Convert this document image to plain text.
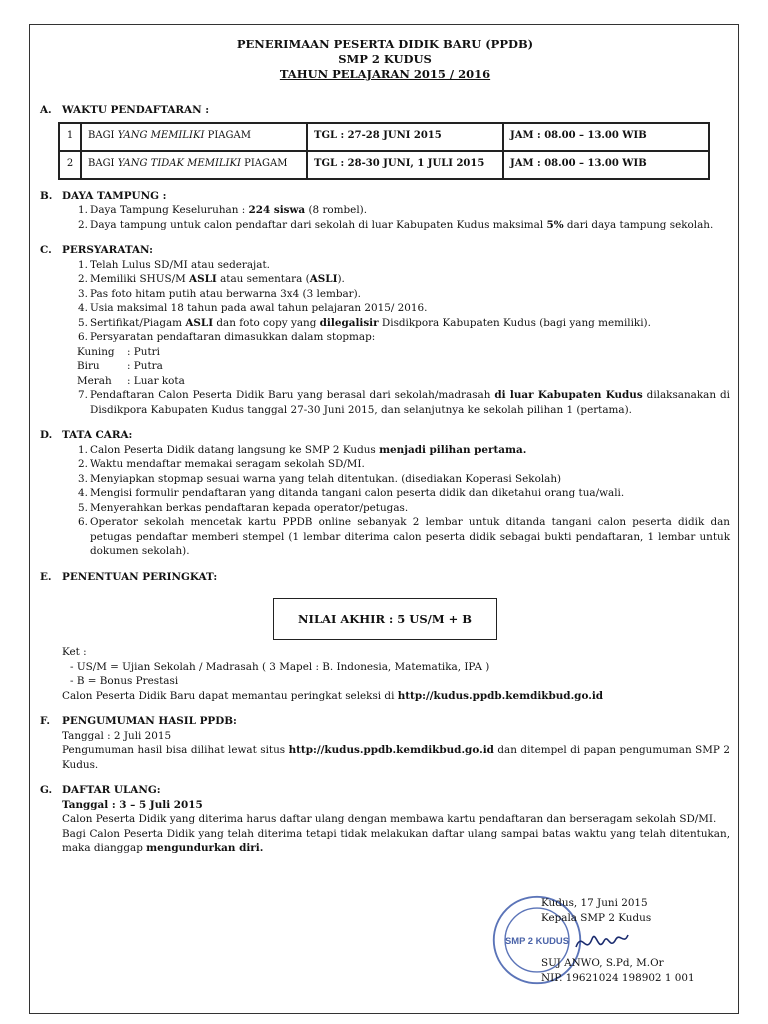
PENERIMAAN PESERTA DIDIK BARU (PPDB)
SMP 2 KUDUS
TAHUN PELAJARAN 2015 / 2016
A. WAKTU PENDAFTARAN :
1	BAGI YANG MEMILIKI PIAGAM	TGL : 27-28 JUNI 2015	JAM : 08.00 – 13.00 WIB
2	BAGI YANG TIDAK MEMILIKI PIAGAM	TGL : 28-30 JUNI, 1 JULI 2015	JAM : 08.00 – 13.00 WIB
B. DAYA TAMPUNG :
1. Daya Tampung Keseluruhan : 224 siswa (8 rombel).
2. Daya tampung untuk calon pendaftar dari sekolah di luar Kabupaten Kudus maksimal 5% dari daya tampung sekolah.
C. PERSYARATAN:
1. Telah Lulus SD/MI atau sederajat.
2. Memiliki SHUS/M ASLI atau sementara (ASLI).
3. Pas foto hitam putih atau berwarna 3x4 (3 lembar).
4. Usia maksimal 18 tahun pada awal tahun pelajaran 2015/ 2016.
5. Sertifikat/Piagam ASLI dan foto copy yang dilegalisir Disdikpora Kabupaten Kudus (bagi yang memiliki).
6. Persyaratan pendaftaran dimasukkan dalam stopmap:
Kuning	: Putri
Biru	: Putra
Merah	: Luar kota
7. Pendaftaran Calon Peserta Didik Baru yang berasal dari sekolah/madrasah di luar Kabupaten Kudus dilaksanakan di Disdikpora Kabupaten Kudus tanggal 27-30 Juni 2015, dan selanjutnya ke sekolah pilihan 1 (pertama).
D. TATA CARA:
1. Calon Peserta Didik datang langsung ke SMP 2 Kudus menjadi pilihan pertama.
2. Waktu mendaftar memakai seragam sekolah SD/MI.
3. Menyiapkan stopmap sesuai warna yang telah ditentukan. (disediakan Koperasi Sekolah)
4. Mengisi formulir pendaftaran yang ditanda tangani calon peserta didik dan diketahui orang tua/wali.
5. Menyerahkan berkas pendaftaran kepada operator/petugas.
6. Operator sekolah mencetak kartu PPDB online sebanyak 2 lembar untuk ditanda tangani calon peserta didik dan petugas pendaftar memberi stempel (1 lembar diterima calon peserta didik sebagai bukti pendaftaran, 1 lembar untuk dokumen sekolah).
E.	PENENTUAN PERINGKAT:
NILAI AKHIR : 5 US/M + B
Ket :
- US/M = Ujian Sekolah / Madrasah ( 3 Mapel : B. Indonesia, Matematika, IPA )
- B = Bonus Prestasi
Calon Peserta Didik Baru dapat memantau peringkat seleksi di http://kudus.ppdb.kemdikbud.go.id
F.	PENGUMUMAN HASIL PPDB:
Tanggal : 2 Juli 2015
Pengumuman hasil bisa dilihat lewat situs http://kudus.ppdb.kemdikbud.go.id dan ditempel di papan pengumuman SMP 2 Kudus.
G. DAFTAR ULANG:
Tanggal : 3 – 5 Juli 2015
Calon Peserta Didik yang diterima harus daftar ulang dengan membawa kartu pendaftaran dan berseragam sekolah SD/MI.
Bagi Calon Peserta Didik yang telah diterima tetapi tidak melakukan daftar ulang sampai batas waktu yang telah ditentukan, maka dianggap mengundurkan diri.
SMP 2 KUDUS
Kudus, 17 Juni 2015
Kepala SMP 2 Kudus
SUJ ANWO, S.Pd, M.Or
NIP. 19621024 198902 1 001
